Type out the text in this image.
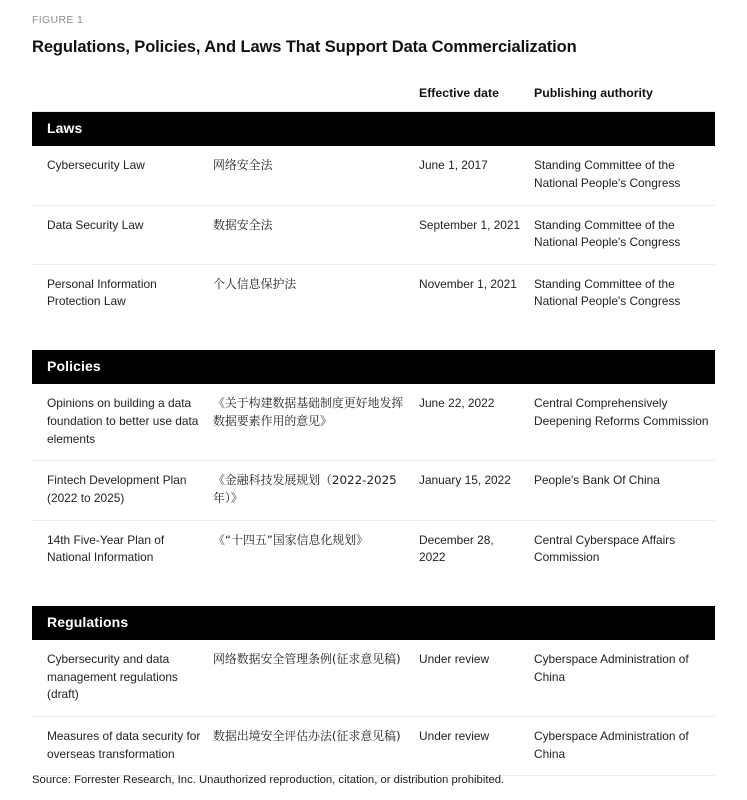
FIGURE 1
Regulations, Policies, And Laws That Support Data Commercialization
		Effective date	Publishing authority
Laws			
Cybersecurity Law	网络安全法	June 1, 2017	Standing Committee of the National People's Congress
Data Security Law	数据安全法	September 1, 2021	Standing Committee of the National People's Congress
Personal Information Protection Law	个人信息保护法	November 1, 2021	Standing Committee of the National People's Congress
Policies			
Opinions on building a data foundation to better use data elements	《关于构建数据基础制度更好地发挥数据要素作用的意见》	June 22, 2022	Central Comprehensively Deepening Reforms Commission
Fintech Development Plan (2022 to 2025)	《金融科技发展规划（2022-2025年）》	January 15, 2022	People's Bank Of China
14th Five-Year Plan of National Information	《“十四五”国家信息化规划》	December 28, 2022	Central Cyberspace Affairs Commission
Regulations			
Cybersecurity and data management regulations (draft)	网络数据安全管理条例(征求意见稿)	Under review	Cyberspace Administration of China
Measures of data security for overseas transformation	数据出境安全评估办法(征求意见稿)	Under review	Cyberspace Administration of China
Source: Forrester Research, Inc. Unauthorized reproduction, citation, or distribution prohibited.
